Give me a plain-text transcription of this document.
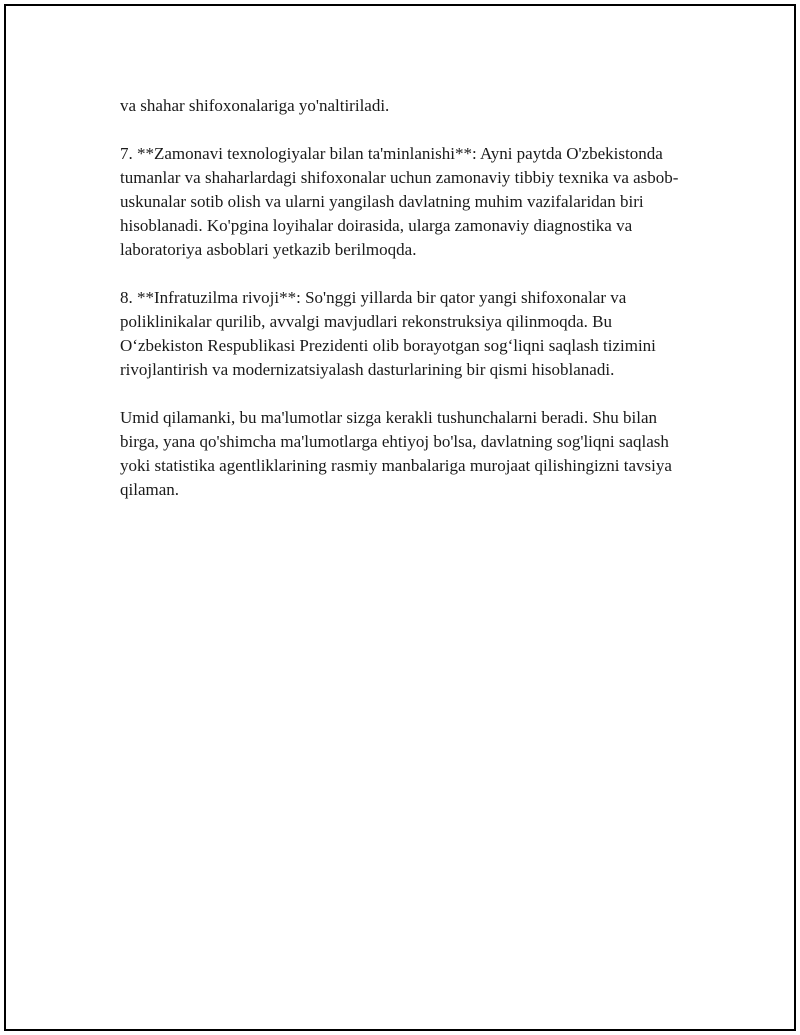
va shahar shifoxonalariga yo'naltiriladi.

7. **Zamonavi texnologiyalar bilan ta'minlanishi**: Ayni paytda O'zbekistonda tumanlar va shaharlardagi shifoxonalar uchun zamonaviy tibbiy texnika va asbob-uskunalar sotib olish va ularni yangilash davlatning muhim vazifalaridan biri hisoblanadi. Ko'pgina loyihalar doirasida, ularga zamonaviy diagnostika va laboratoriya asboblari yetkazib berilmoqda.

8. **Infratuzilma rivoji**: So'nggi yillarda bir qator yangi shifoxonalar va poliklinikalar qurilib, avvalgi mavjudlari rekonstruksiya qilinmoqda. Bu O‘zbekiston Respublikasi Prezidenti olib borayotgan sog‘liqni saqlash tizimini rivojlantirish va modernizatsiyalash dasturlarining bir qismi hisoblanadi.

Umid qilamanki, bu ma'lumotlar sizga kerakli tushunchalarni beradi. Shu bilan birga, yana qo'shimcha ma'lumotlarga ehtiyoj bo'lsa, davlatning sog'liqni saqlash yoki statistika agentliklarining rasmiy manbalariga murojaat qilishingizni tavsiya qilaman.
